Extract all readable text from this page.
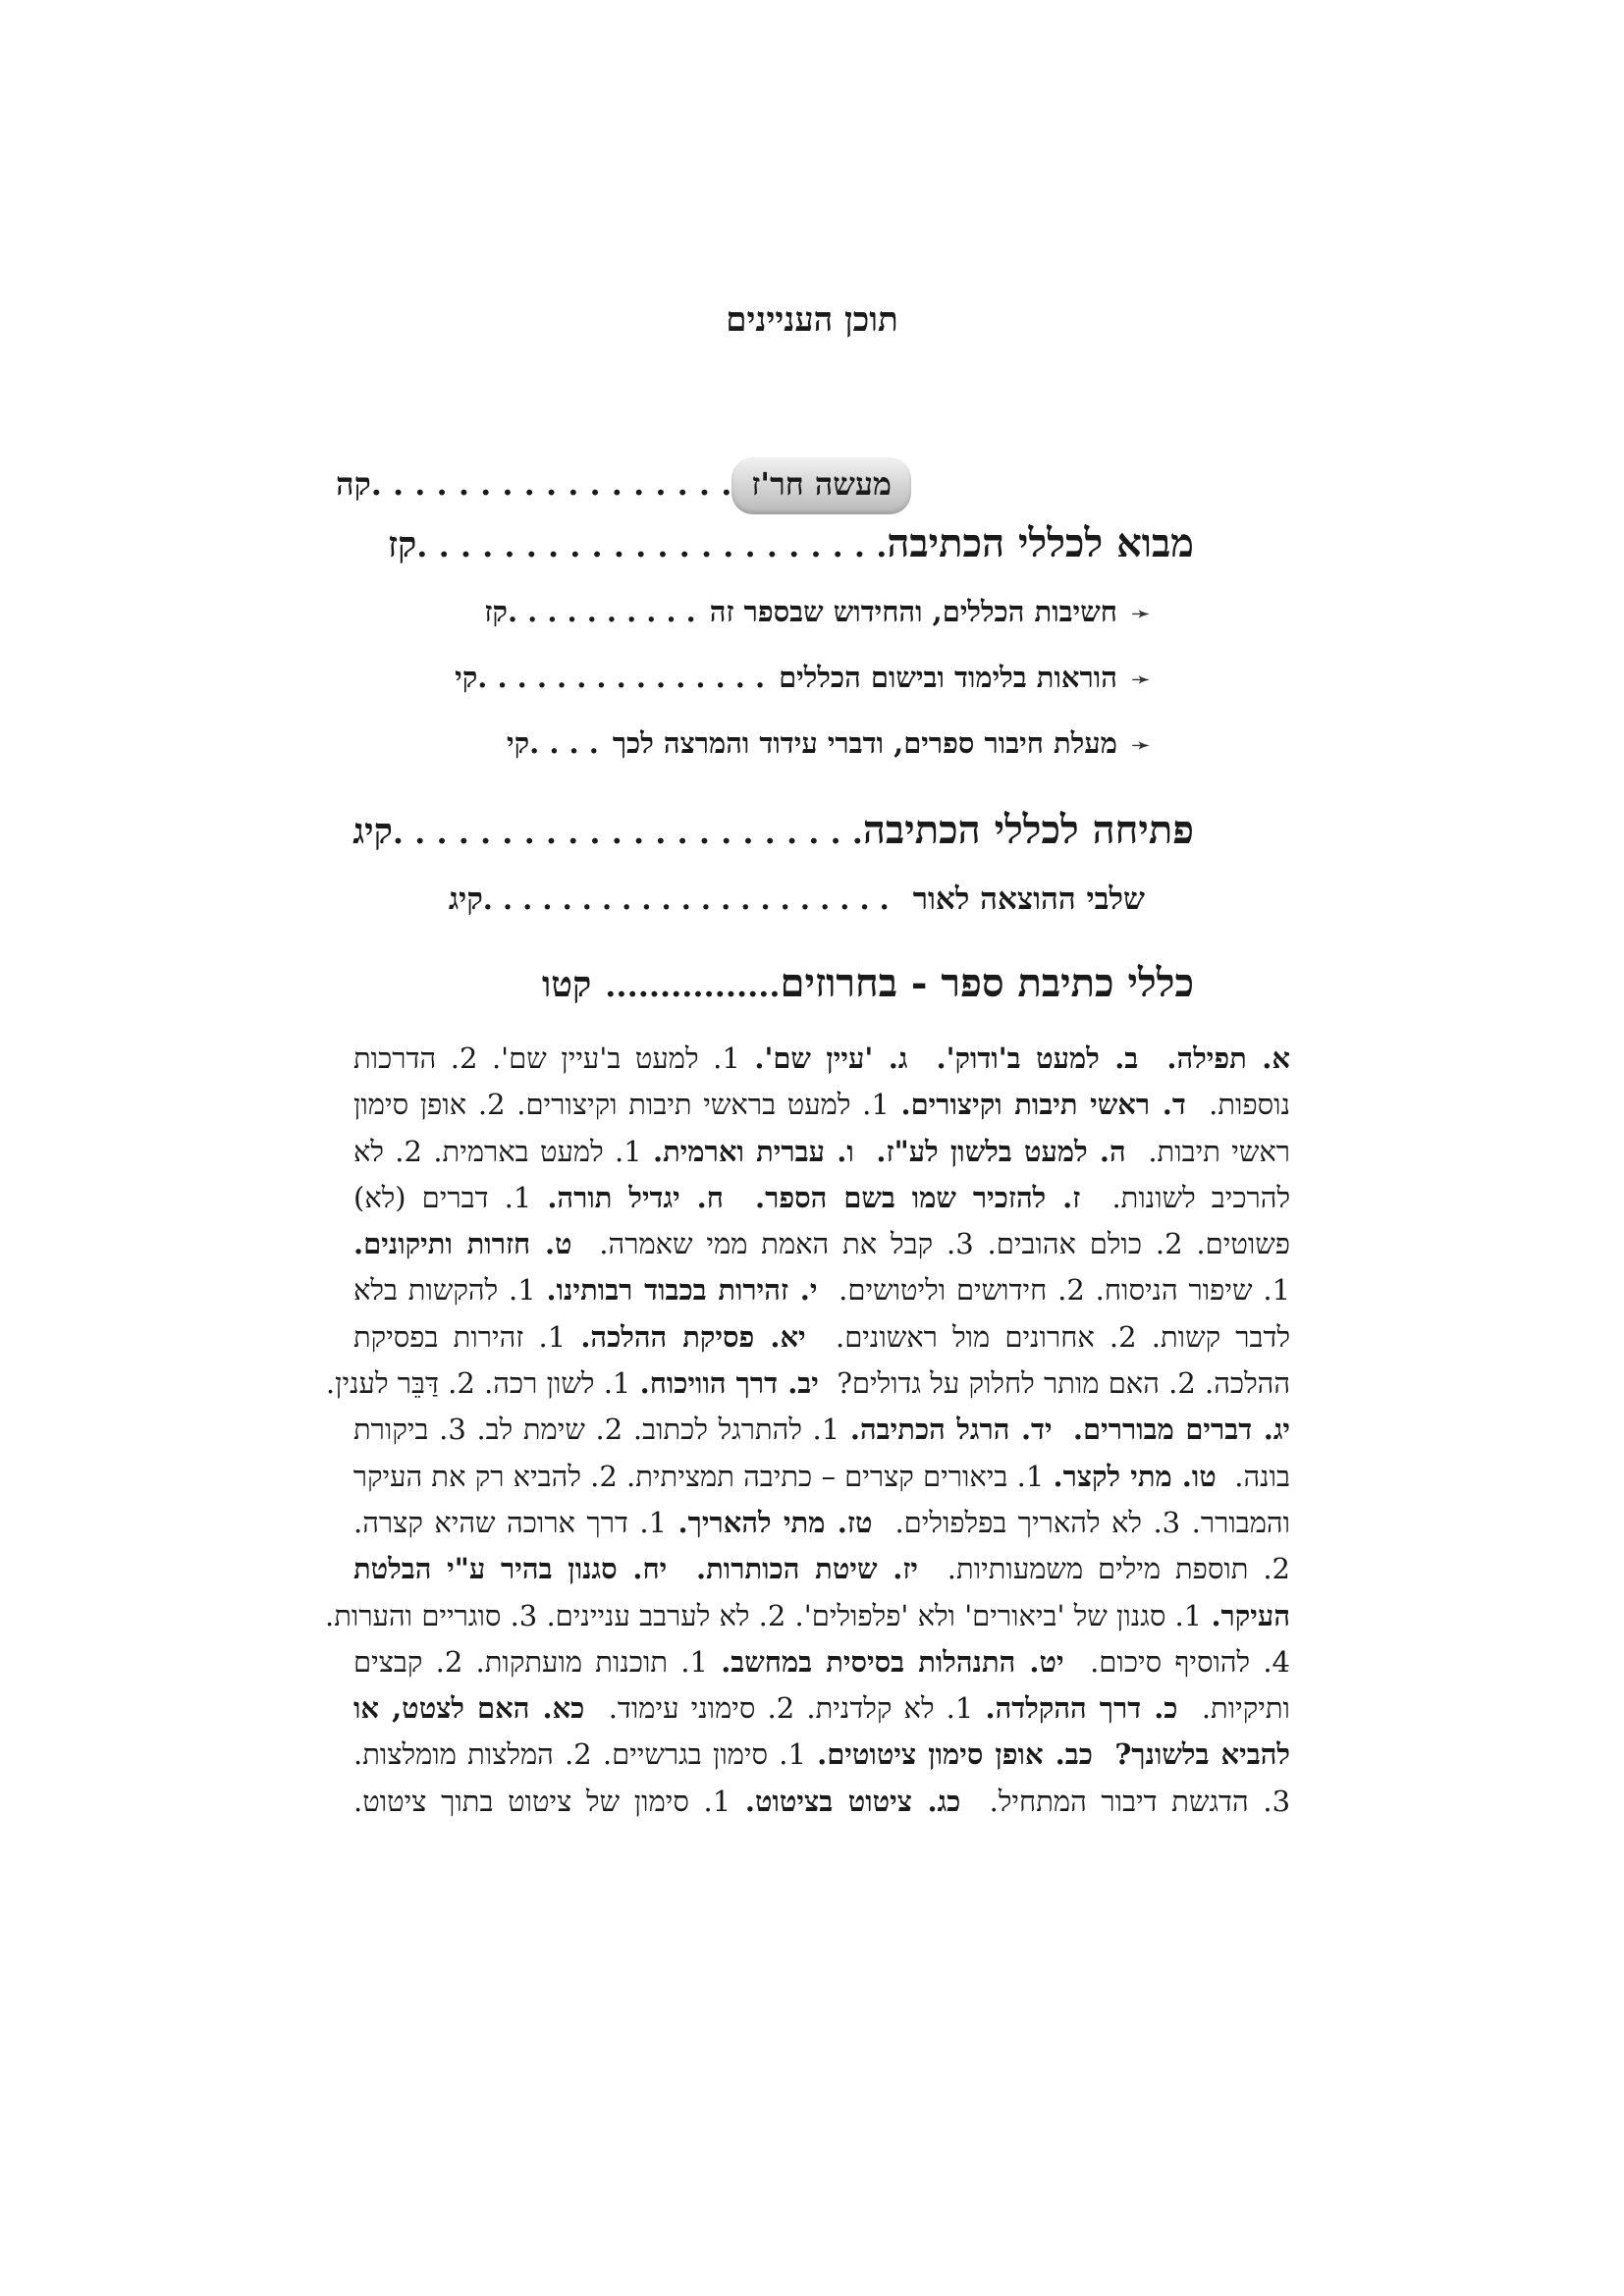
תוכן העניינים
מעשה חר'ז
. . . . . . . . . . . . . . . . .
קה
מבוא לכללי הכתיבה
. . . . . . . . . . . . . . . . . . . . . .
קז
➛
חשיבות הכללים, והחידוש שבספר זה
. . . . . . . . . .
קז
➛
הוראות בלימוד ובישום הכללים
. . . . . . . . . . . . . . .
קי
➛
מעלת חיבור ספרים, ודברי עידוד והמרצה לכך
. . . .
קי
פתיחה לכללי הכתיבה
. . . . . . . . . . . . . . . . . . . . . .
קיג
שלבי ההוצאה לאור
. . . . . . . . . . . . . . . . . . . . .
קיג
כללי כתיבת ספר - בחרוזים
................
קטו
א. תפילה.  ב. למעט ב'ודוק'.  ג. 'עיין שם'. 1. למעט ב'עיין שם'. 2. הדרכות
נוספות.  ד. ראשי תיבות וקיצורים. 1. למעט בראשי תיבות וקיצורים. 2. אופן סימון
ראשי תיבות.  ה. למעט בלשון לע"ז.  ו. עברית וארמית. 1. למעט בארמית. 2. לא
להרכיב לשונות.  ז. להזכיר שמו בשם הספר.  ח. יגדיל תורה. 1. דברים (לא)
פשוטים. 2. כולם אהובים. 3. קבל את האמת ממי שאמרה.  ט. חזרות ותיקונים.
1. שיפור הניסוח. 2. חידושים וליטושים.  י. זהירות בכבוד רבותינו. 1. להקשות בלא
לדבר קשות. 2. אחרונים מול ראשונים.  יא. פסיקת ההלכה. 1. זהירות בפסיקת
ההלכה. 2. האם מותר לחלוק על גדולים?  יב. דרך הוויכוח. 1. לשון רכה. 2. דַּבֵּר לענין.
יג. דברים מבוררים.  יד. הרגל הכתיבה. 1. להתרגל לכתוב. 2. שימת לב. 3. ביקורת
בונה.  טו. מתי לקצר. 1. ביאורים קצרים – כתיבה תמציתית. 2. להביא רק את העיקר
והמבורר. 3. לא להאריך בפלפולים.  טז. מתי להאריך. 1. דרך ארוכה שהיא קצרה.
2. תוספת מילים משמעותיות.  יז. שיטת הכותרות.  יח. סגנון בהיר ע"י הבלטת
העיקר. 1. סגנון של 'ביאורים' ולא 'פלפולים'. 2. לא לערבב עניינים. 3. סוגריים והערות.
4. להוסיף סיכום.  יט. התנהלות בסיסית במחשב. 1. תוכנות מועתקות. 2. קבצים
ותיקיות.  כ. דרך ההקלדה. 1. לא קלדנית. 2. סימוני עימוד.  כא. האם לצטט, או
להביא בלשונך?  כב. אופן סימון ציטוטים. 1. סימון בגרשיים. 2. המלצות מומלצות.
3. הדגשת דיבור המתחיל.  כג. ציטוט בציטוט. 1. סימון של ציטוט בתוך ציטוט.
